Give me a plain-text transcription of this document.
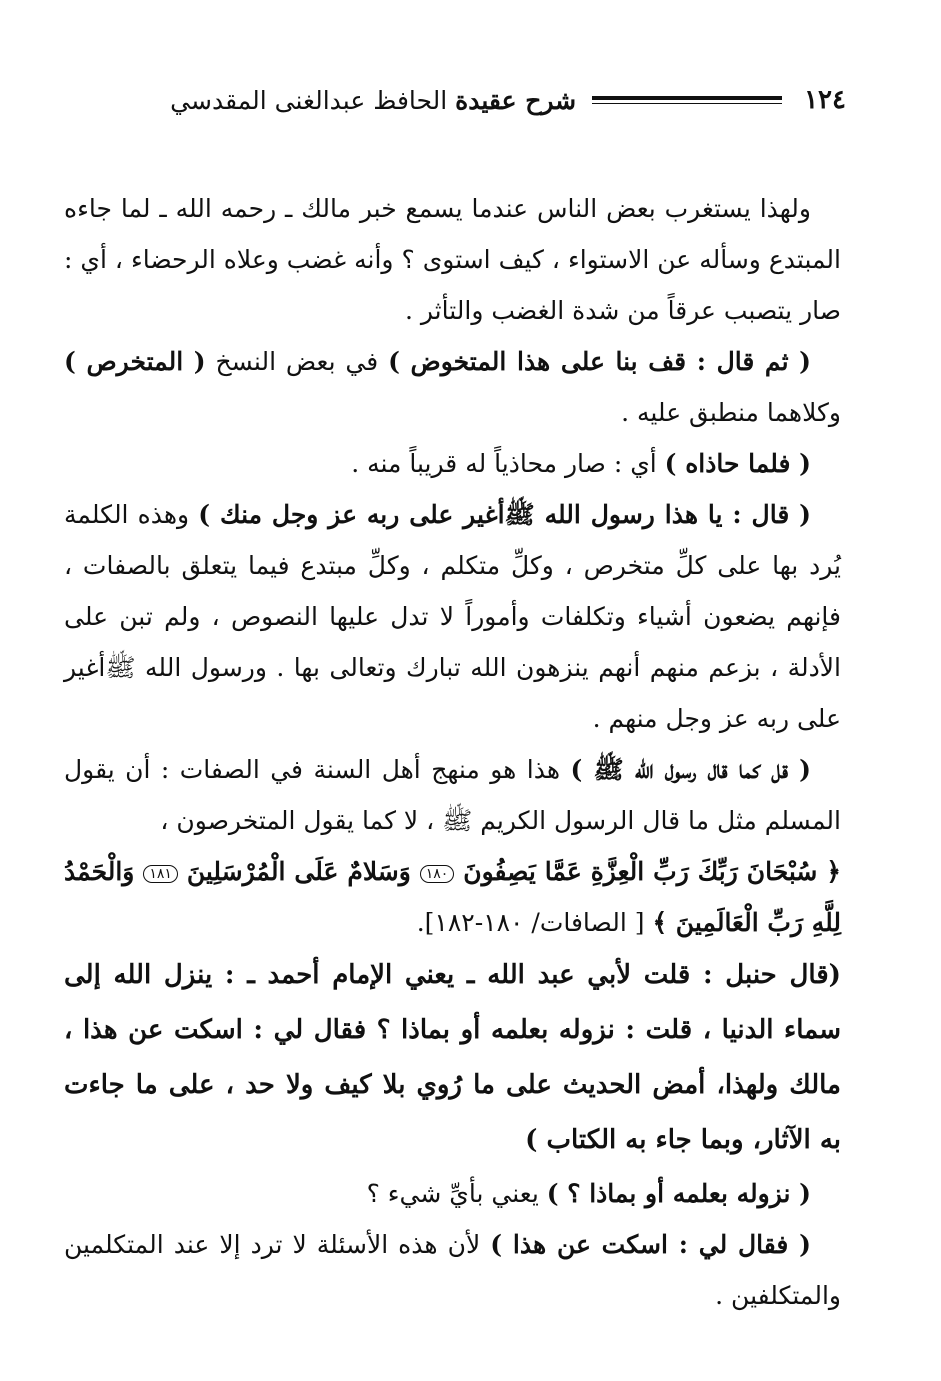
١٢٤
شرح عقيدة الحافظ عبدالغنى المقدسي

ولهذا يستغرب بعض الناس عندما يسمع خبر مالك ـ رحمه الله ـ لما جاءه المبتدع وسأله عن الاستواء ، كيف استوى ؟ وأنه غضب وعلاه الرحضاء ، أي : صار يتصبب عرقاً من شدة الغضب والتأثر .

( ثم قال : قف بنا على هذا المتخوض ) في بعض النسخ ( المتخرص ) وكلاهما منطبق عليه .

( فلما حاذاه ) أي : صار محاذياً له قريباً منه .

( قال : يا هذا رسول الله ﷺأغير على ربه عز وجل منك ) وهذه الكلمة يُرد بها على كلِّ متخرص ، وكلِّ متكلم ، وكلِّ مبتدع فيما يتعلق بالصفات ، فإنهم يضعون أشياء وتكلفات وأموراً لا تدل عليها النصوص ، ولم تبن على الأدلة ، بزعم منهم أنهم ينزهون الله تبارك وتعالى بها . ورسول الله ﷺأغير على ربه عز وجل منهم .

( قل كما قال رسول الله ﷺ ) هذا هو منهج أهل السنة في الصفات : أن يقول المسلم مثل ما قال الرسول الكريم ﷺ ، لا كما يقول المتخرصون ،

﴿ سُبْحَانَ رَبِّكَ رَبِّ الْعِزَّةِ عَمَّا يَصِفُونَ ١٨٠ وَسَلامٌ عَلَى الْمُرْسَلِينَ ١٨١ وَالْحَمْدُ لِلَّهِ رَبِّ الْعَالَمِينَ ﴾ [ الصافات/ ١٨٠-١٨٢].

(قال حنبل : قلت لأبي عبد الله ـ يعني الإمام أحمد ـ : ينزل الله إلى سماء الدنيا ، قلت : نزوله بعلمه أو بماذا ؟ فقال لي : اسكت عن هذا ، مالك ولهذا، أمض الحديث على ما رُوي بلا كيف ولا حد ، على ما جاءت به الآثار، وبما جاء به الكتاب )

( نزوله بعلمه أو بماذا ؟ ) يعني بأيِّ شيء ؟

( فقال لي : اسكت عن هذا ) لأن هذه الأسئلة لا ترد إلا عند المتكلمين والمتكلفين .
